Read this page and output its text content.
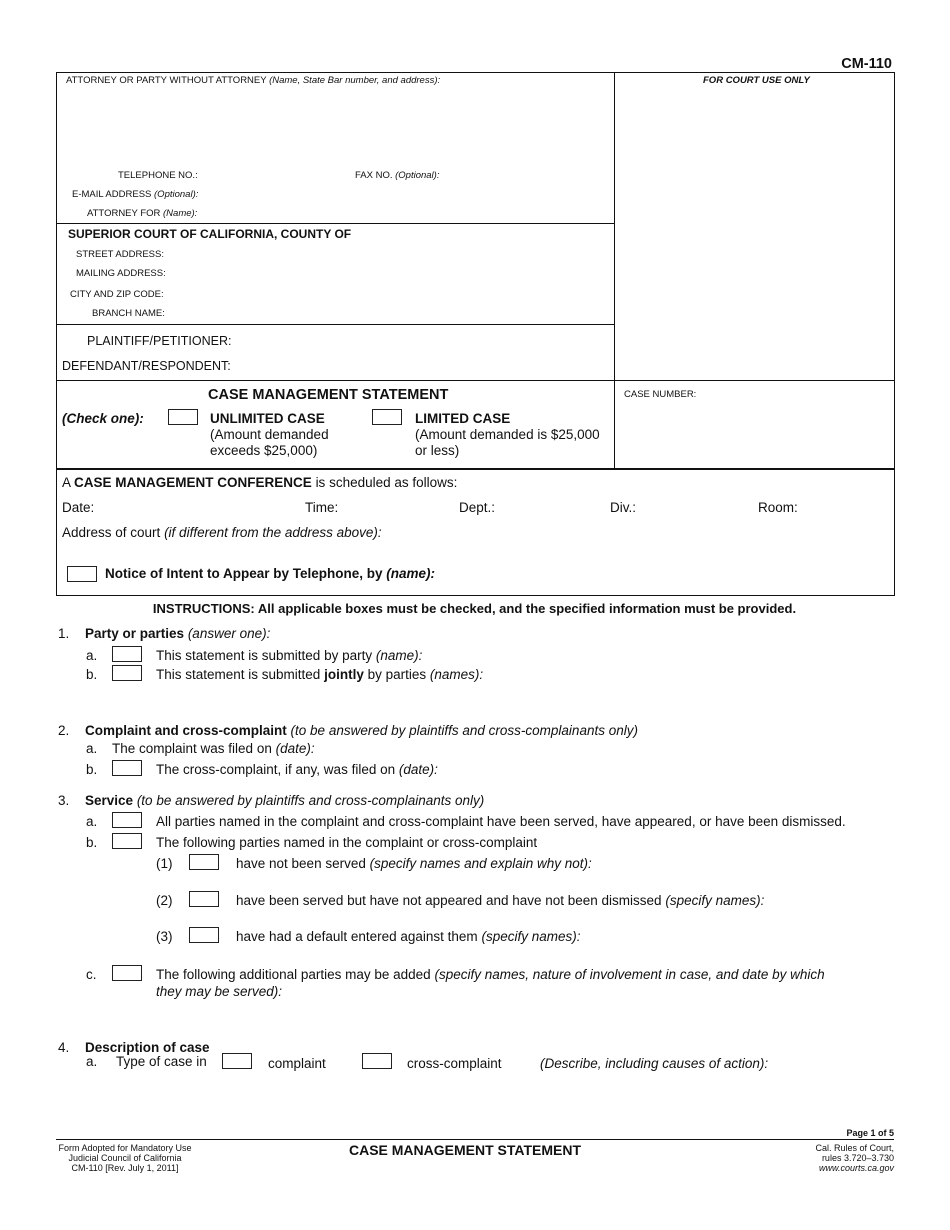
CM-110
ATTORNEY OR PARTY WITHOUT ATTORNEY (Name, State Bar number, and address):	FOR COURT USE ONLY
TELEPHONE NO.:	FAX NO. (Optional):
E-MAIL ADDRESS (Optional):
ATTORNEY FOR (Name):
SUPERIOR COURT OF CALIFORNIA, COUNTY OF
STREET ADDRESS:
MAILING ADDRESS:
CITY AND ZIP CODE:
BRANCH NAME:
PLAINTIFF/PETITIONER:
DEFENDANT/RESPONDENT:
CASE MANAGEMENT STATEMENT	CASE NUMBER:
(Check one):	UNLIMITED CASE
(Amount demanded
exceeds $25,000)
LIMITED CASE
(Amount demanded is $25,000
or less)
A CASE MANAGEMENT CONFERENCE is scheduled as follows:
Date:	Time:	Dept.:	Div.:	Room:
Address of court (if different from the address above):
Notice of Intent to Appear by Telephone, by (name):
INSTRUCTIONS: All applicable boxes must be checked, and the specified information must be provided.
1. Party or parties (answer one):
a.	This statement is submitted by party (name):
b.	This statement is submitted jointly by parties (names):
2. Complaint and cross-complaint (to be answered by plaintiffs and cross-complainants only)
a. The complaint was filed on (date):
b.	The cross-complaint, if any, was filed on (date):
3. Service (to be answered by plaintiffs and cross-complainants only)
a.	All parties named in the complaint and cross-complaint have been served, have appeared, or have been dismissed.
b.	The following parties named in the complaint or cross-complaint
(1)	have not been served (specify names and explain why not):
(2)	have been served but have not appeared and have not been dismissed (specify names):
(3)	have had a default entered against them (specify names):
c.	The following additional parties may be added (specify names, nature of involvement in case, and date by which
they may be served):
4. Description of case
a. Type of case in	complaint	cross-complaint	(Describe, including causes of action):
Page 1 of 5
Form Adopted for Mandatory Use
Judicial Council of California
CM-110 [Rev. July 1, 2011]
CASE MANAGEMENT STATEMENT	Cal. Rules of Court,
rules 3.720–3.730
www.courts.ca.gov
